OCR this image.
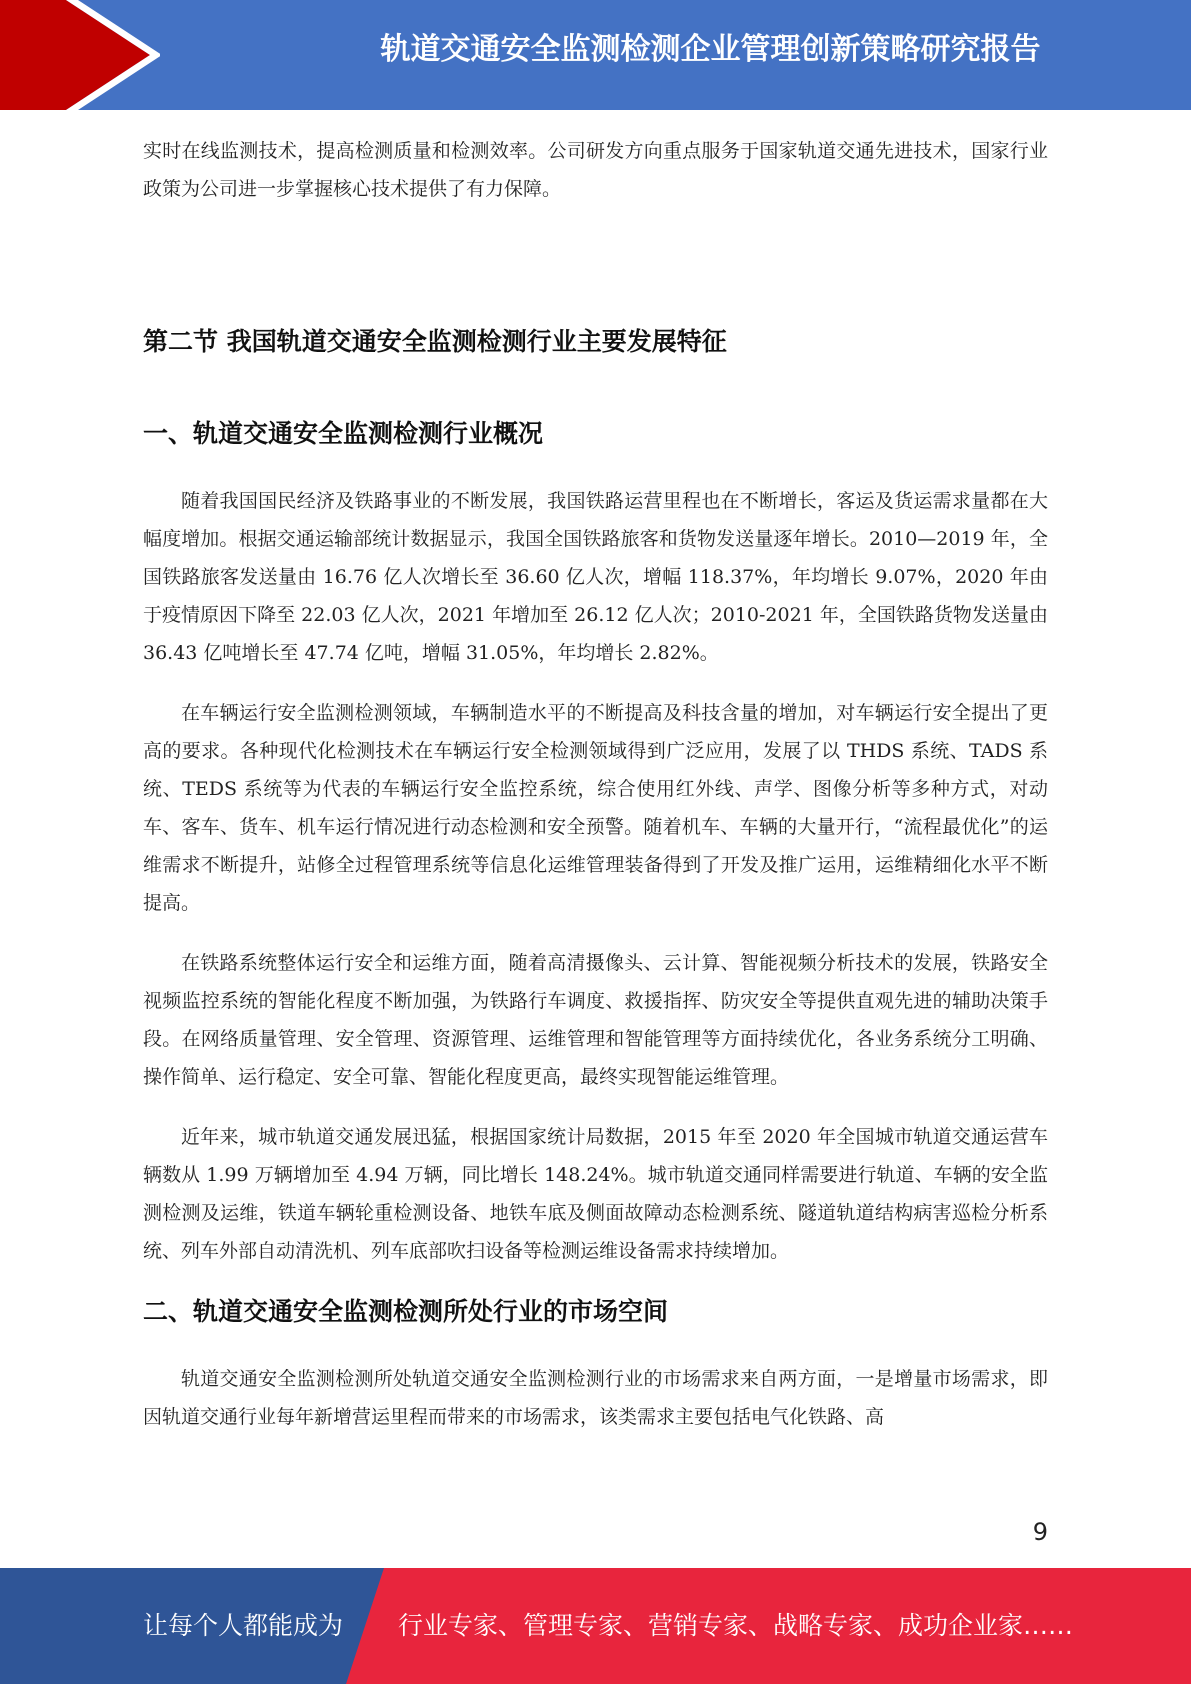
轨道交通安全监测检测企业管理创新策略研究报告

实时在线监测技术，提高检测质量和检测效率。公司研发方向重点服务于国家轨道交通先进技术，国家行业政策为公司进一步掌握核心技术提供了有力保障。

第二节 我国轨道交通安全监测检测行业主要发展特征
一、轨道交通安全监测检测行业概况

随着我国国民经济及铁路事业的不断发展，我国铁路运营里程也在不断增长，客运及货运需求量都在大幅度增加。根据交通运输部统计数据显示，我国全国铁路旅客和货物发送量逐年增长。2010—2019 年，全国铁路旅客发送量由 16.76 亿人次增长至 36.60 亿人次，增幅 118.37%，年均增长 9.07%，2020 年由于疫情原因下降至 22.03 亿人次，2021 年增加至 26.12 亿人次；2010-2021 年，全国铁路货物发送量由 36.43 亿吨增长至 47.74 亿吨，增幅 31.05%，年均增长 2.82%。

在车辆运行安全监测检测领域，车辆制造水平的不断提高及科技含量的增加，对车辆运行安全提出了更高的要求。各种现代化检测技术在车辆运行安全检测领域得到广泛应用，发展了以 THDS 系统、TADS 系统、TEDS 系统等为代表的车辆运行安全监控系统，综合使用红外线、声学、图像分析等多种方式，对动车、客车、货车、机车运行情况进行动态检测和安全预警。随着机车、车辆的大量开行，“流程最优化”的运维需求不断提升，站修全过程管理系统等信息化运维管理装备得到了开发及推广运用，运维精细化水平不断提高。

在铁路系统整体运行安全和运维方面，随着高清摄像头、云计算、智能视频分析技术的发展，铁路安全视频监控系统的智能化程度不断加强，为铁路行车调度、救援指挥、防灾安全等提供直观先进的辅助决策手段。在网络质量管理、安全管理、资源管理、运维管理和智能管理等方面持续优化，各业务系统分工明确、操作简单、运行稳定、安全可靠、智能化程度更高，最终实现智能运维管理。

近年来，城市轨道交通发展迅猛，根据国家统计局数据，2015 年至 2020 年全国城市轨道交通运营车辆数从 1.99 万辆增加至 4.94 万辆，同比增长 148.24%。城市轨道交通同样需要进行轨道、车辆的安全监测检测及运维，铁道车辆轮重检测设备、地铁车底及侧面故障动态检测系统、隧道轨道结构病害巡检分析系统、列车外部自动清洗机、列车底部吹扫设备等检测运维设备需求持续增加。

二、轨道交通安全监测检测所处行业的市场空间

轨道交通安全监测检测所处轨道交通安全监测检测行业的市场需求来自两方面，一是增量市场需求，即因轨道交通行业每年新增营运里程而带来的市场需求，该类需求主要包括电气化铁路、高

9
让每个人都能成为 行业专家、管理专家、营销专家、战略专家、成功企业家……
